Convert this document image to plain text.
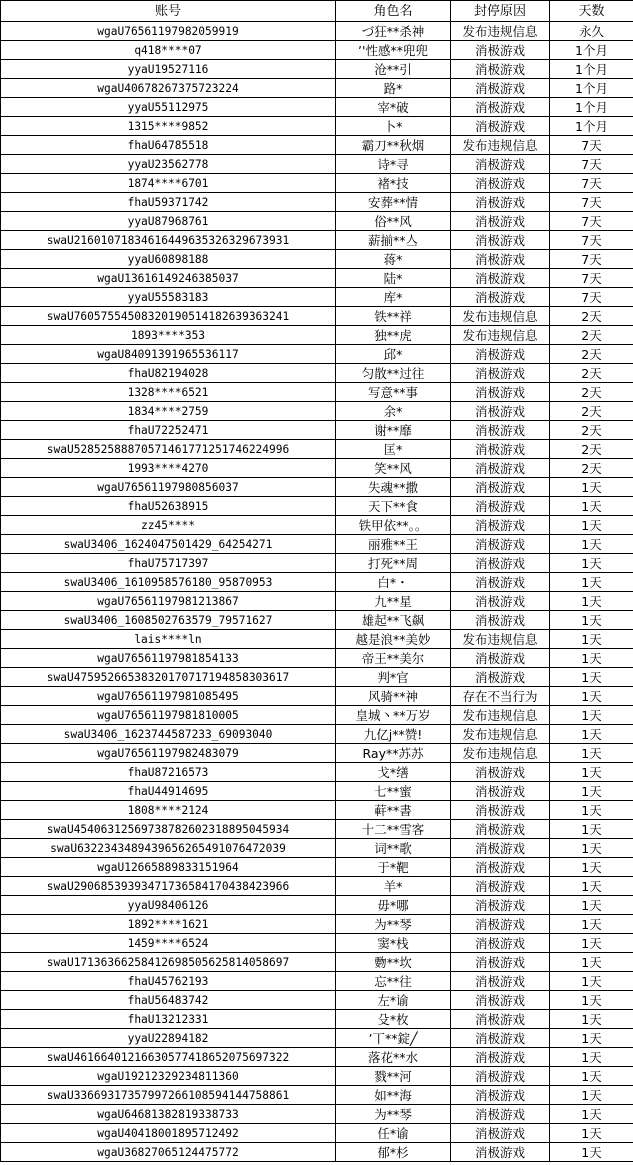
账号	角色名	封停原因	天数
wgaU76561197982059919	づ狂**杀神	发布违规信息	永久
q418****07	ʼ'性感**兜兜	消极游戏	1个月
yyaU19527116	沧**引	消极游戏	1个月
wgaU40678267375723224	路*	消极游戏	1个月
yyaU55112975	宰*破	消极游戏	1个月
1315****9852	卜*	消极游戏	1个月
fhaU64785518	霸刀**秋烟	发布违规信息	7天
yyaU23562778	诗*寻	消极游戏	7天
1874****6701	褚*技	消极游戏	7天
fhaU59371742	安葬**情	消极游戏	7天
yyaU87968761	俗**风	消极游戏	7天
swaU2160107183461644963532632967393​1	薪揃**亼	消极游戏	7天
yyaU60898188	蒋*	消极游戏	7天
wgaU13616149246385037	陆*	消极游戏	7天
yyaU55583183	库*	消极游戏	7天
swaU7605755450832019051418263936324​1	铁**祥	发布违规信息	2天
1893****353	独**虎	发布违规信息	2天
wgaU84091391965536117	邱*	消极游戏	2天
fhaU82194028	匀散**过往	消极游戏	2天
1328****6521	写意**事	消极游戏	2天
1834****2759	余*	消极游戏	2天
fhaU72252471	谢**靡	消极游戏	2天
swaU5285258887057146177125174622499​6	匡*	消极游戏	2天
1993****4270	笑**风	消极游戏	2天
wgaU76561197980856037	失魂**撒	消极游戏	1天
fhaU52638915	天下**食	消极游戏	1天
zz45****	铁甲依**。。	消极游戏	1天
swaU3406_1624047501429_64254271	丽雅**王	消极游戏	1天
fhaU75717397	打死**周	消极游戏	1天
swaU3406_1610958576180_95870953	白*・	消极游戏	1天
wgaU76561197981213867	九**星	消极游戏	1天
swaU3406_1608502763579_79571627	雄起**飞飙	消极游戏	1天
lais****ln	越是浪**美妙	发布违规信息	1天
wgaU76561197981854133	帝王**美尔	消极游戏	1天
swaU4759526653832017071719485830361​7	判*官	消极游戏	1天
wgaU76561197981085495	风骑**神	存在不当行为	1天
wgaU76561197981810005	皇城丶**万岁	发布违规信息	1天
swaU3406_1623744587233_69093040	九亿j**赞!	发布违规信息	1天
wgaU76561197982483079	Ray**苏苏	发布违规信息	1天
fhaU87216573	戈*缮	消极游戏	1天
fhaU44914695	七**蜜	消极游戏	1天
1808****2124	蓒**書	消极游戏	1天
swaU4540631256973878260231889504593​4	十二**雪客	消极游戏	1天
swaU6322343489439656265491076472039	词**歌	消极游戏	1天
wgaU12665889833151964	于*靶	消极游戏	1天
swaU2906853939347173658417043842396​6	羊*	消极游戏	1天
yyaU98406126	毋*哪	消极游戏	1天
1892****1621	为**琴	消极游戏	1天
1459****6524	窦*栈	消极游戏	1天
swaU1713636625841269850562581405869​7	覅**坎	消极游戏	1天
fhaU45762193	忘**往	消极游戏	1天
fhaU56483742	左*谕	消极游戏	1天
fhaU13212331	殳*枚	消极游戏	1天
yyaU22894182	ʼ丅**錠╱	消极游戏	1天
swaU4616640121663057741865207569732​2	落花**水	消极游戏	1天
wgaU19212329234811360	戮**河	消极游戏	1天
swaU3366931735799726610859414475886​1	如**海	消极游戏	1天
wgaU64681382819338733	为**琴	消极游戏	1天
wgaU40418001895712492	任*谕	消极游戏	1天
wgaU36827065124475772	郁*杉	消极游戏	1天
